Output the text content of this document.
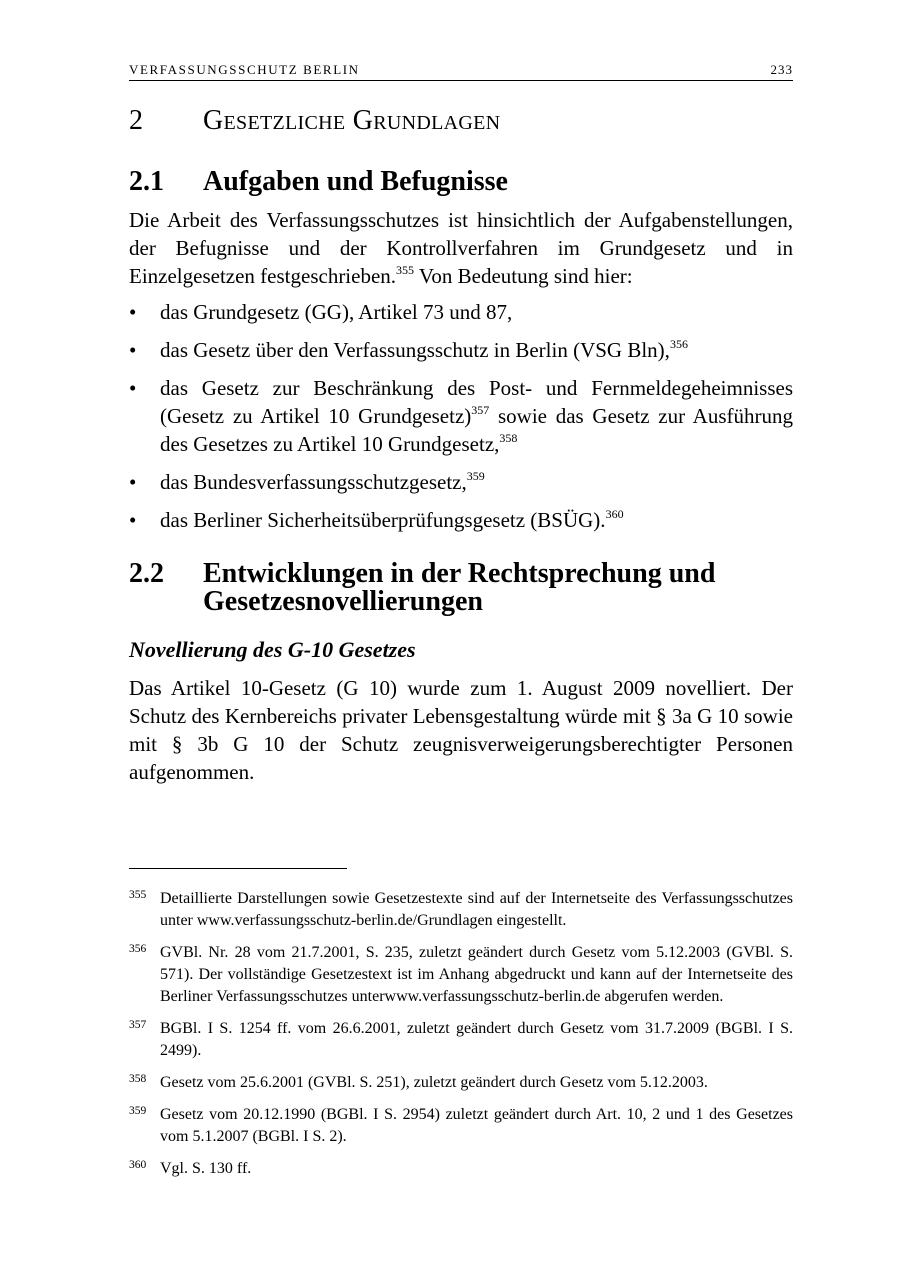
VERFASSUNGSSCHUTZ BERLIN	233
2 Gesetzliche Grundlagen
2.1 Aufgaben und Befugnisse

Die Arbeit des Verfassungsschutzes ist hinsichtlich der Aufgabenstellungen, der Befugnisse und der Kontrollverfahren im Grundgesetz und in Einzelgesetzen festgeschrieben.$^{355}$ Von Bedeutung sind hier:

• das Grundgesetz (GG), Artikel 73 und 87,
• das Gesetz über den Verfassungsschutz in Berlin (VSG Bln),$^{356}$
• das Gesetz zur Beschränkung des Post- und Fernmeldegeheimnisses (Gesetz zu Artikel 10 Grundgesetz)$^{357}$ sowie das Gesetz zur Ausführung des Gesetzes zu Artikel 10 Grundgesetz,$^{358}$
• das Bundesverfassungsschutzgesetz,$^{359}$
• das Berliner Sicherheitsüberprüfungsgesetz (BSÜG).$^{360}$
2.2 Entwicklungen in der Rechtsprechung und Gesetzesnovellierungen
Novellierung des G-10 Gesetzes

Das Artikel 10-Gesetz (G 10) wurde zum 1. August 2009 novelliert. Der Schutz des Kernbereichs privater Lebensgestaltung würde mit § 3a G 10 sowie mit § 3b G 10 der Schutz zeugnisverweigerungsberechtigter Personen aufgenommen.

355 Detaillierte Darstellungen sowie Gesetzestexte sind auf der Internetseite des Verfassungsschutzes unter www.verfassungsschutz-berlin.de/Grundlagen eingestellt.
356 GVBl. Nr. 28 vom 21.7.2001, S. 235, zuletzt geändert durch Gesetz vom 5.12.2003 (GVBl. S. 571). Der vollständige Gesetzestext ist im Anhang abgedruckt und kann auf der Internetseite des Berliner Verfassungsschutzes unterwww.verfassungsschutz-berlin.de abgerufen werden.
357 BGBl. I S. 1254 ff. vom 26.6.2001, zuletzt geändert durch Gesetz vom 31.7.2009 (BGBl. I S. 2499).
358 Gesetz vom 25.6.2001 (GVBl. S. 251), zuletzt geändert durch Gesetz vom 5.12.2003.
359 Gesetz vom 20.12.1990 (BGBl. I S. 2954) zuletzt geändert durch Art. 10, 2 und 1 des Gesetzes vom 5.1.2007 (BGBl. I S. 2).
360 Vgl. S. 130 ff.
